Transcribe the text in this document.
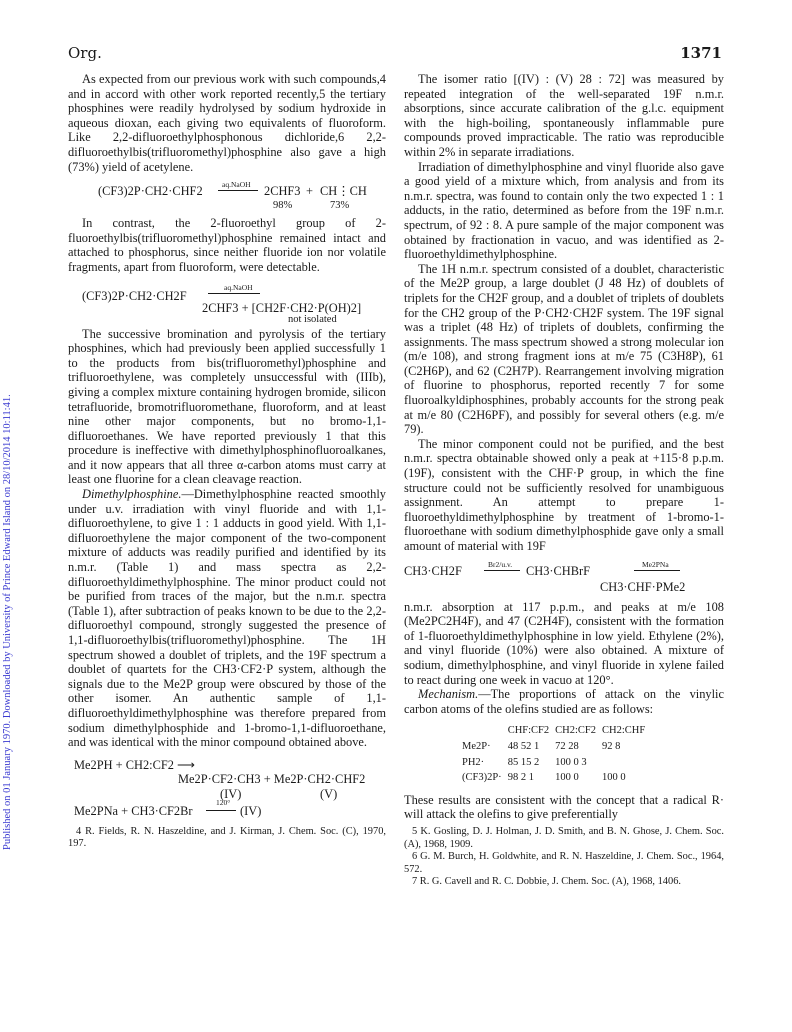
Org.	1371
Published on 01 January 1970. Downloaded by University of Prince Edward Island on 28/10/2014 10:11:41.

As expected from our previous work with such compounds,4 and in accord with other work reported recently,5 the tertiary phosphines were readily hydrolysed by sodium hydroxide in aqueous dioxan, each giving two equivalents of fluoroform. Like 2,2-difluoroethylphosphonous dichloride,6 2,2-difluoroethylbis(trifluoromethyl)phosphine also gave a high (73%) yield of acetylene.

(CF3)2P·CH2·CHF2	aq.NaOH 2CHF3 + CH⋮CH
98%	73%

In contrast, the 2-fluoroethyl group of 2-fluoroethylbis(trifluoromethyl)phosphine remained intact and attached to phosphorus, since neither fluoride ion nor volatile fragments, apart from fluoroform, were detectable.

(CF3)2P·CH2·CH2F
aq.NaOH
2CHF3 + [CH2F·CH2·P(OH)2]
not isolated

The successive bromination and pyrolysis of the tertiary phosphines, which had previously been applied successfully 1 to the products from bis(trifluoromethyl)phosphine and trifluoroethylene, was completely unsuccessful with (IIIb), giving a complex mixture containing hydrogen bromide, silicon tetrafluoride, bromotrifluoromethane, fluoroform, and at least nine other major components, but no bromo-1,1-difluoroethanes. We have reported previously 1 that this procedure is ineffective with dimethylphosphinofluoroalkanes, and it now appears that all three α-carbon atoms must carry at least one fluorine for a clean cleavage reaction.

Dimethylphosphine.—Dimethylphosphine reacted smoothly under u.v. irradiation with vinyl fluoride and with 1,1-difluoroethylene, to give 1 : 1 adducts in good yield. With 1,1-difluoroethylene the major component of the two-component mixture of adducts was readily purified and identified by its n.m.r. (Table 1) and mass spectra as 2,2-difluoroethyldimethylphosphine. The minor product could not be purified from traces of the major, but the n.m.r. spectra (Table 1), after subtraction of peaks known to be due to the 2,2-difluoroethyl compound, strongly suggested the presence of 1,1-difluoroethylbis(trifluoromethyl)phosphine. The 1H spectrum showed a doublet of triplets, and the 19F spectrum a doublet of quartets for the CH3·CF2·P system, although the signals due to the Me2P group were obscured by those of the other isomer. An authentic sample of 1,1-difluoroethyldimethylphosphine was therefore prepared from sodium dimethylphosphide and 1-bromo-1,1-difluoroethane, and was identical with the minor compound obtained above.

Me2PH + CH2:CF2 ⟶
Me2P·CF2·CH3 + Me2P·CH2·CHF2
(IV)	(V)
Me2PNa + CH3·CF2Br
120°
(IV)

4 R. Fields, R. N. Haszeldine, and J. Kirman, J. Chem. Soc. (C), 1970, 197.

The isomer ratio [(IV) : (V) 28 : 72] was measured by repeated integration of the well-separated 19F n.m.r. absorptions, since accurate calibration of the g.l.c. equipment with the high-boiling, spontaneously inflammable pure compounds proved impracticable. The ratio was reproducible within 2% in separate irradiations.

Irradiation of dimethylphosphine and vinyl fluoride also gave a good yield of a mixture which, from analysis and from its n.m.r. spectra, was found to contain only the two expected 1 : 1 adducts, in the ratio, determined as before from the 19F n.m.r. spectrum, of 92 : 8. A pure sample of the major component was obtained by fractionation in vacuo, and was identified as 2-fluoroethyldimethylphosphine.

The 1H n.m.r. spectrum consisted of a doublet, characteristic of the Me2P group, a large doublet (J 48 Hz) of doublets of triplets for the CH2F group, and a doublet of triplets of doublets for the CH2 group of the P·CH2·CH2F system. The 19F signal was a triplet (48 Hz) of triplets of doublets, confirming the assignments. The mass spectrum showed a strong molecular ion (m/e 108), and strong fragment ions at m/e 75 (C3H8P), 61 (C2H6P), and 62 (C2H7P). Rearrangement involving migration of fluorine to phosphorus, reported recently 7 for some fluoroalkyldiphosphines, probably accounts for the strong peak at m/e 80 (C2H6PF), and possibly for several others (e.g. m/e 79).

The minor component could not be purified, and the best n.m.r. spectra obtainable showed only a peak at +115·8 p.p.m. (19F), consistent with the CHF·P group, in which the fine structure could not be sufficiently resolved for unambiguous assignment. An attempt to prepare 1-fluoroethyldimethylphosphine by treatment of 1-bromo-1-fluoroethane with sodium dimethylphosphide gave only a small amount of material with 19F

CH3·CH2F	Br2/u.v. CH3·CHBrF	Me2PNa
CH3·CHF·PMe2

n.m.r. absorption at 117 p.p.m., and peaks at m/e 108 (Me2PC2H4F), and 47 (C2H4F), consistent with the formation of 1-fluoroethyldimethylphosphine in low yield. Ethylene (2%), and vinyl fluoride (10%) were also obtained. A mixture of sodium, dimethylphosphine, and vinyl fluoride in xylene failed to react during one week in vacuo at 120°.

Mechanism.—The proportions of attack on the vinylic carbon atoms of the olefins studied are as follows:

	CHF:CF2	CH2:CF2	CH2:CHF
Me2P·	48 52 1	72 28	92 8
PH2·	85 15 2	100 0 3	
(CF3)2P·	98 2 1	100 0	100 0

These results are consistent with the concept that a radical R· will attack the olefins to give preferentially

5 K. Gosling, D. J. Holman, J. D. Smith, and B. N. Ghose, J. Chem. Soc. (A), 1968, 1909.

6 G. M. Burch, H. Goldwhite, and R. N. Haszeldine, J. Chem. Soc., 1964, 572.

7 R. G. Cavell and R. C. Dobbie, J. Chem. Soc. (A), 1968, 1406.
